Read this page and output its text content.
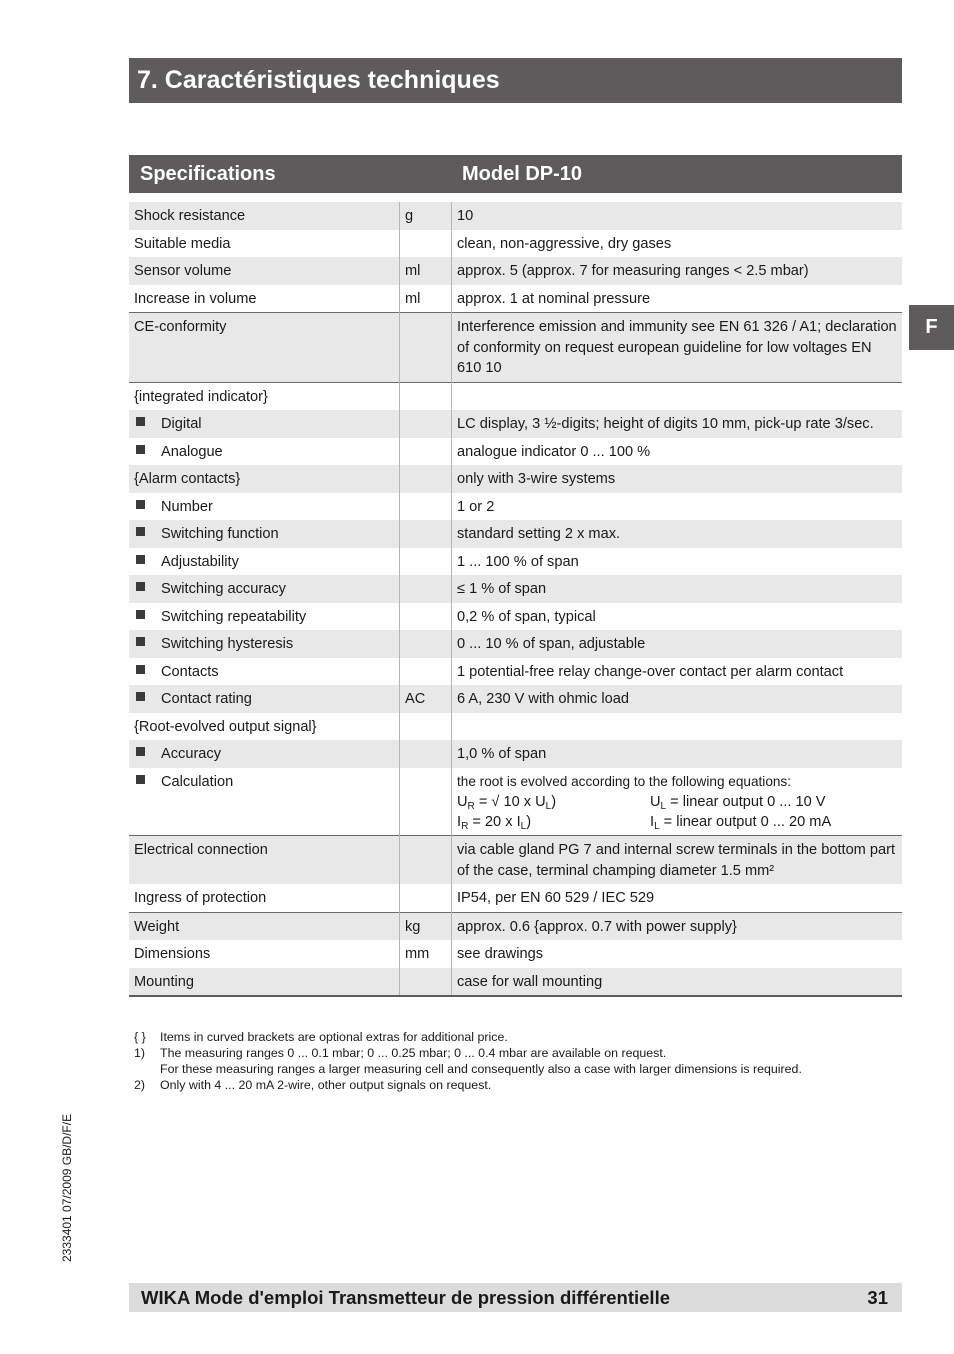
7. Caractéristiques techniques
F
Specifications	Model DP-10
Shock resistance	g	10
Suitable media		clean, non-aggressive, dry gases
Sensor volume	ml	approx. 5 (approx. 7 for measuring ranges < 2.5 mbar)
Increase in volume	ml	approx. 1 at nominal pressure
CE-conformity		Interference emission and immunity see EN 61 326 / A1; declaration of conformity on request european guideline for low voltages EN 610 10
{integrated indicator}		
Digital		LC display, 3 ½-digits; height of digits 10 mm, pick-up rate 3/sec.
Analogue		analogue indicator 0 ... 100 %
{Alarm contacts}		only with 3-wire systems
Number		1 or 2
Switching function		standard setting 2 x max.
Adjustability		1 ... 100 % of span
Switching accuracy		≤ 1 % of span
Switching repeatability		0,2 % of span, typical
Switching hysteresis		0 ... 10 % of span, adjustable
Contacts		1 potential-free relay change-over contact per alarm contact
Contact rating	AC	6 A, 230 V with ohmic load
{Root-evolved output signal}		
Accuracy		1,0 % of span
Calculation		the root is evolved according to the following equations:
$U_R$ = √ 10 x $U_L$) $U_L$ = linear output 0 ... 10 V
$I_R = 20$ x $I_L$) $I_L$ = linear output 0 ... 20 mA

Electrical connection		via cable gland PG 7 and internal screw terminals in the bottom part of the case, terminal champing diameter 1.5 mm²
Ingress of protection		IP54, per EN 60 529 / IEC 529
Weight	kg	approx. 0.6 {approx. 0.7 with power supply}
Dimensions	mm	see drawings
Mounting		case for wall mounting
{ }	Items in curved brackets are optional extras for additional price.
1)	The measuring ranges 0 ... 0.1 mbar; 0 ... 0.25 mbar; 0 ... 0.4 mbar are available on request.
For these measuring ranges a larger measuring cell and consequently also a case with larger dimensions is required.
2)	Only with 4 ... 20 mA 2-wire, other output signals on request.
2333401 07/2009 GB/D/F/E
WIKA Mode d'emploi Transmetteur de pression différentielle	31
